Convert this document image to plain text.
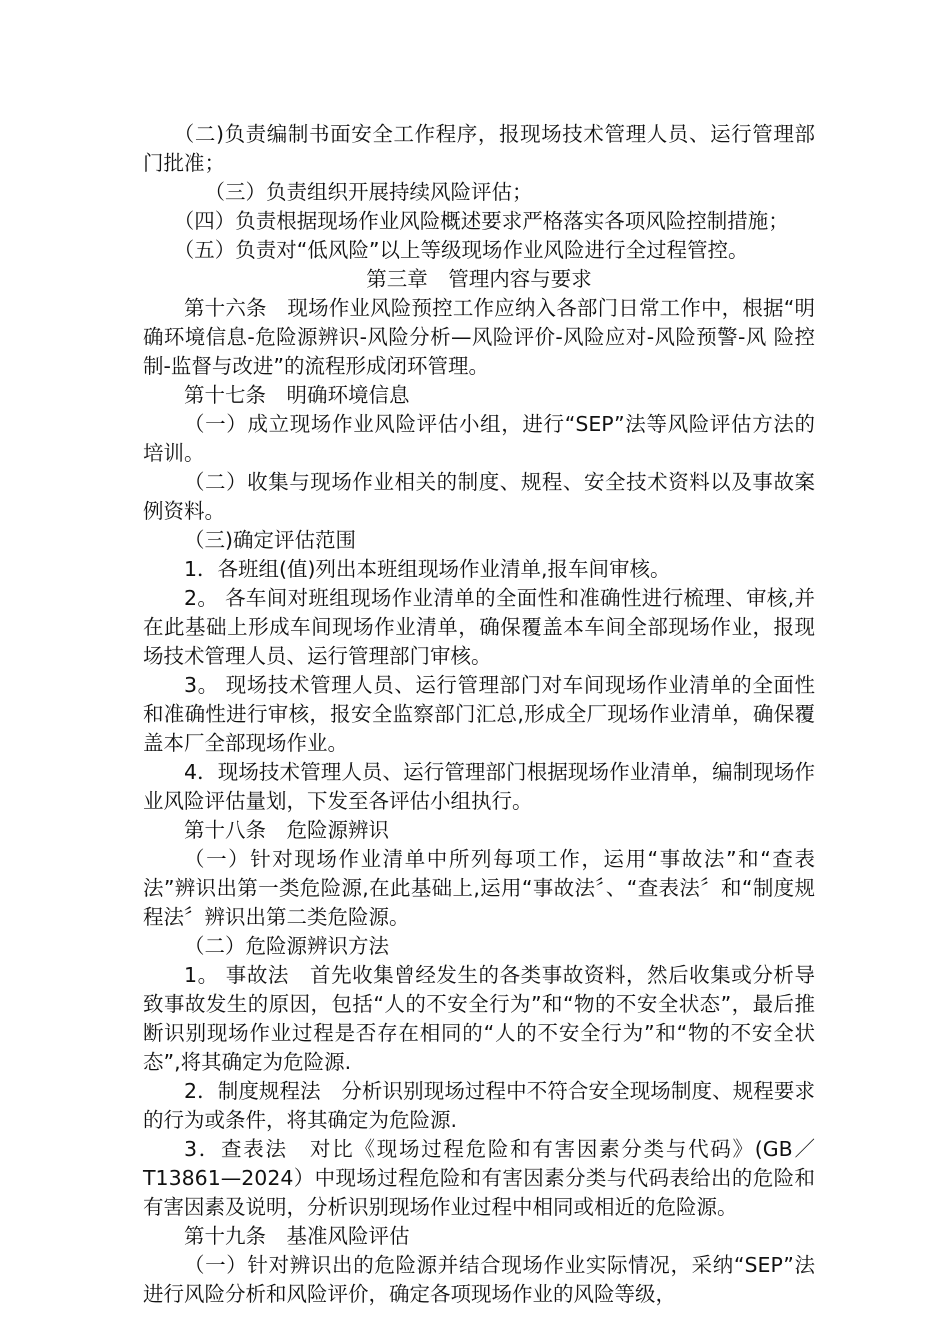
（二)负责编制书面安全工作程序，报现场技术管理人员、运行管理部门批准；

（三）负责组织开展持续风险评估；

（四）负责根据现场作业风险概述要求严格落实各项风险控制措施；

（五）负责对“低风险”以上等级现场作业风险进行全过程管控。

第三章　管理内容与要求

第十六条　现场作业风险预控工作应纳入各部门日常工作中，根据“明确环境信息-危险源辨识-风险分析—风险评价-风险应对-风险预警-风 险控制-监督与改进”的流程形成闭环管理。

第十七条　明确环境信息

（一）成立现场作业风险评估小组，进行“SEP”法等风险评估方法的培训。

（二）收集与现场作业相关的制度、规程、安全技术资料以及事故案例资料。

（三)确定评估范围

1．各班组(值)列出本班组现场作业清单,报车间审核。

2。 各车间对班组现场作业清单的全面性和准确性进行梳理、审核,并在此基础上形成车间现场作业清单，确保覆盖本车间全部现场作业，报现场技术管理人员、运行管理部门审核。

3。 现场技术管理人员、运行管理部门对车间现场作业清单的全面性和准确性进行审核，报安全监察部门汇总,形成全厂现场作业清单，确保覆盖本厂全部现场作业。

4．现场技术管理人员、运行管理部门根据现场作业清单，编制现场作业风险评估量划，下发至各评估小组执行。

第十八条　危险源辨识

（一）针对现场作业清单中所列每项工作，运用“事故法”和“查表法”辨识出第一类危险源,在此基础上,运用“事故法〞、“查表法〞和“制度规程法〞辨识出第二类危险源。

（二）危险源辨识方法

1。 事故法　首先收集曾经发生的各类事故资料，然后收集或分析导致事故发生的原因，包括“人的不安全行为”和“物的不安全状态”，最后推断识别现场作业过程是否存在相同的“人的不安全行为”和“物的不安全状态”,将其确定为危险源.

2．制度规程法　分析识别现场过程中不符合安全现场制度、规程要求的行为或条件，将其确定为危险源.

3．查表法　对比《现场过程危险和有害因素分类与代码》(GB／T13861—2024）中现场过程危险和有害因素分类与代码表给出的危险和有害因素及说明，分析识别现场作业过程中相同或相近的危险源。

第十九条　基准风险评估

（一）针对辨识出的危险源并结合现场作业实际情况，采纳“SEP”法进行风险分析和风险评价，确定各项现场作业的风险等级，
